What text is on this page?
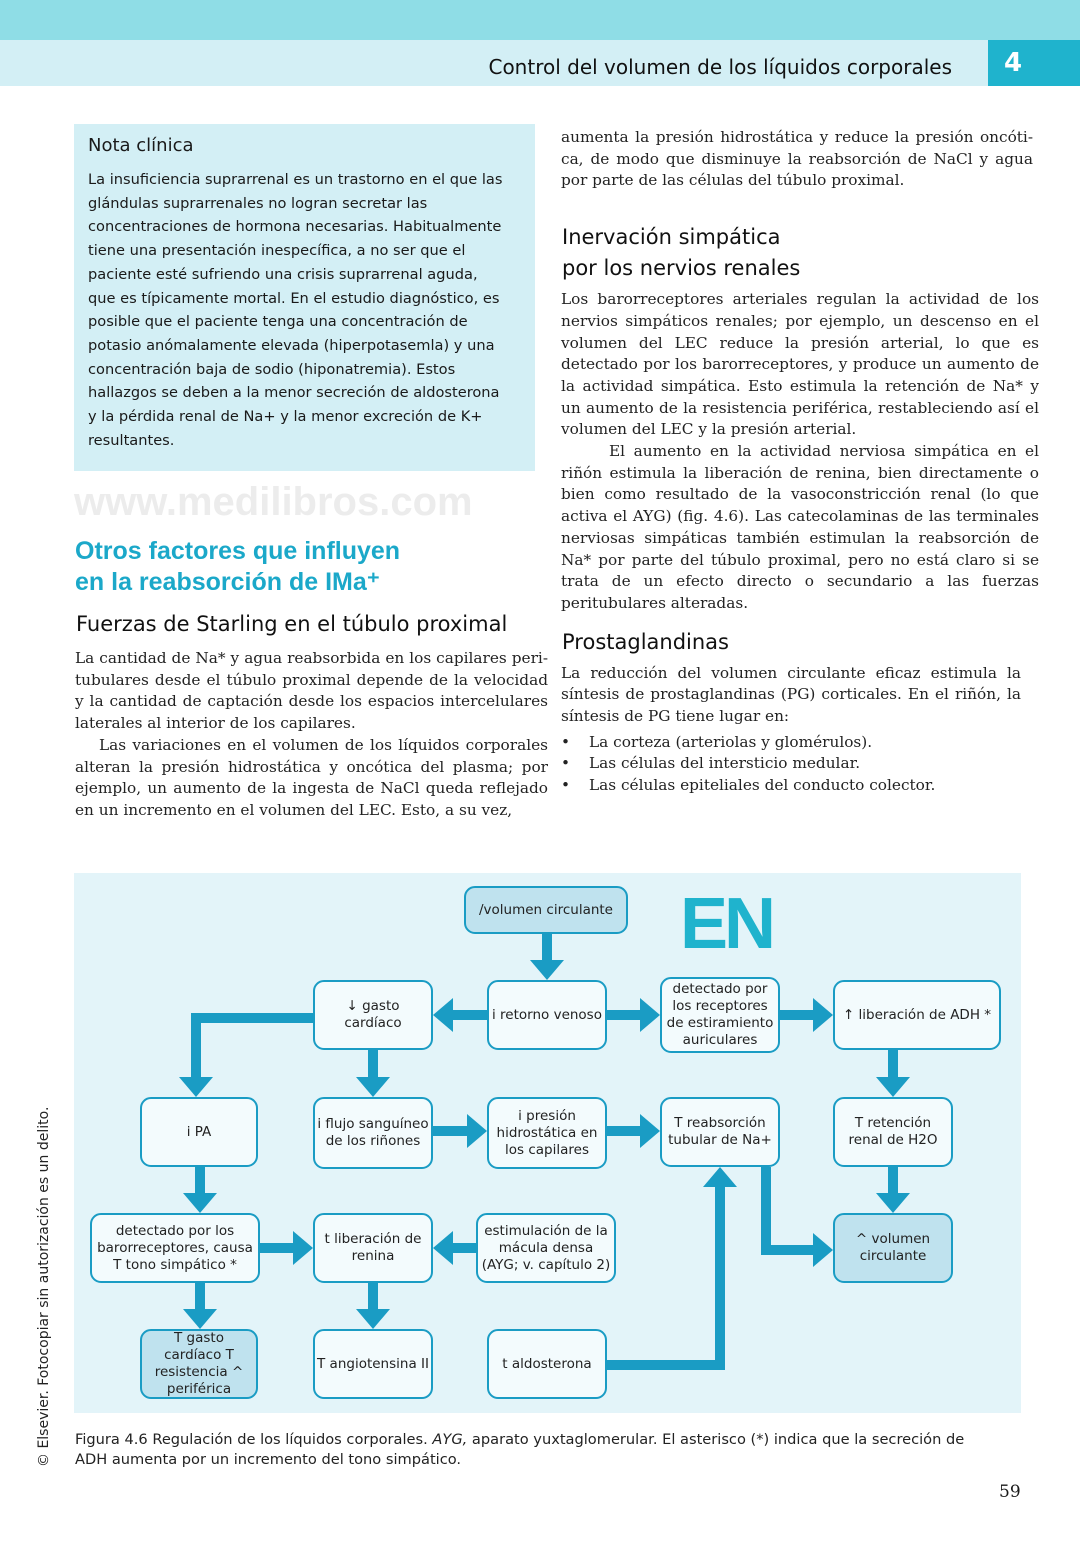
Control del volumen de los líquidos corporales	4
Nota clínica

La insuficiencia suprarrenal es un trastorno en el que las glándulas suprarrenales no logran secretar las concentraciones de hormona necesarias. Habitualmente tiene una presentación inespecífica, a no ser que el paciente esté sufriendo una crisis suprarrenal aguda, que es típicamente mortal. En el estudio diagnóstico, es posible que el paciente tenga una concentración de potasio anómalamente elevada (hiperpotasemla) y una concentración baja de sodio (hiponatremia). Estos hallazgos se deben a la menor secreción de aldosterona y la pérdida renal de Na+ y la menor excreción de K+ resultantes.

www.medilibros.com
Otros factores que influyen
en la reabsorción de IMa⁺
Fuerzas de Starling en el túbulo proximal

La cantidad de Na* y agua reabsorbida en los capilares peri-tubulares desde el túbulo proximal depende de la velocidad y la cantidad de captación desde los espacios intercelulares laterales al interior de los capilares.

Las variaciones en el volumen de los líquidos corporales alteran la presión hidrostática y oncótica del plasma; por ejemplo, un aumento de la ingesta de NaCl queda reflejado en un incremento en el volumen del LEC. Esto, a su vez,

aumenta la presión hidrostática y reduce la presión oncóti-ca, de modo que disminuye la reabsorción de NaCl y agua por parte de las células del túbulo proximal.

Inervación simpática
por los nervios renales

Los barorreceptores arteriales regulan la actividad de los nervios simpáticos renales; por ejemplo, un descenso en el volumen del LEC reduce la presión arterial, lo que es detectado por los barorreceptores, y produce un aumento de la actividad simpática. Esto estimula la retención de Na* y un aumento de la resistencia periférica, restableciendo así el volumen del LEC y la presión arterial.

El aumento en la actividad nerviosa simpática en el riñón estimula la liberación de renina, bien directamente o bien como resultado de la vasoconstricción renal (lo que activa el AYG) (fig. 4.6). Las catecolaminas de las terminales nerviosas simpáticas también estimulan la reabsorción de Na* por parte del túbulo proximal, pero no está claro si se trata de un efecto directo o secundario a las fuerzas peritubulares alteradas.

Prostaglandinas

La reducción del volumen circulante eficaz estimula la síntesis de prostaglandinas (PG) corticales. En el riñón, la síntesis de PG tiene lugar en:

• La corteza (arteriolas y glomérulos).
• Las células del intersticio medular.
• Las células epiteliales del conducto colector.
/volumen circulante
↓ gasto cardíaco
i retorno venoso
detectado por los receptores de estiramiento auriculares
↑ liberación de ADH *
i PA	i flujo sanguíneo de los riñones
i presión hidrostática en los capilares
T reabsorción tubular de Na+
T retención renal de H2O
detectado por los barorreceptores, causa T tono simpático *
t liberación de renina
estimulación de la mácula densa (AYG; v. capítulo 2)
^ volumen circulante
T gasto cardíaco T resistencia ^ periférica
T angiotensina II	t aldosterona
EN
Figura 4.6 Regulación de los líquidos corporales. AYG, aparato yuxtaglomerular. El asterisco (*) indica que la secreción de ADH aumenta por un incremento del tono simpático.
59
© Elsevier. Fotocopiar sin autorización es un delito.
